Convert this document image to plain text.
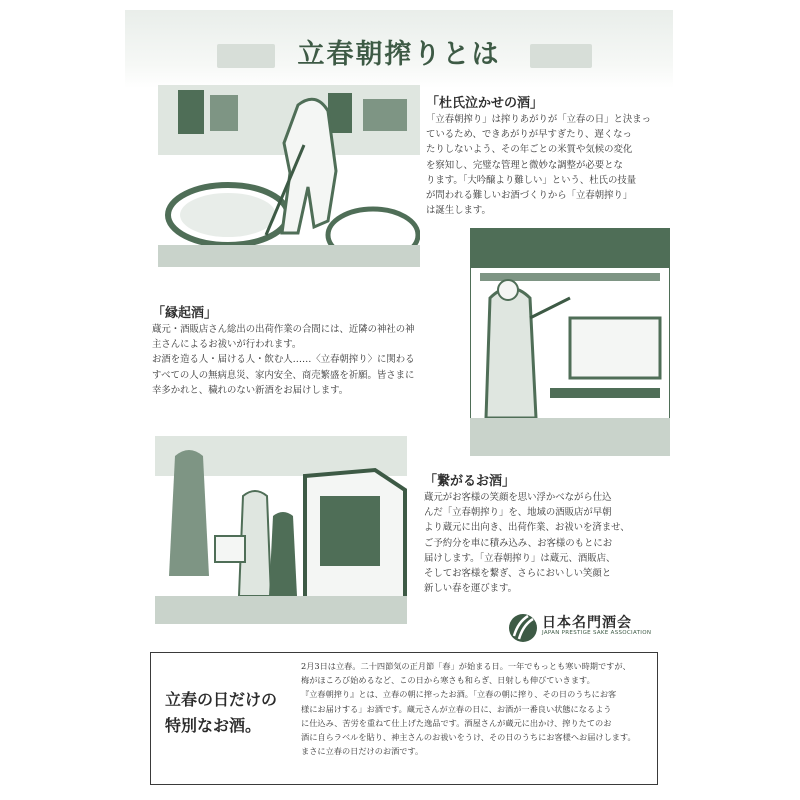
立春朝搾りとは
「杜氏泣かせの酒」
「立春朝搾り」は搾りあがりが「立春の日」と決まっ
ているため、できあがりが早すぎたり、遅くなっ
たりしないよう、その年ごとの米質や気候の変化
を察知し、完璧な管理と微妙な調整が必要とな
ります。「大吟醸より難しい」という、杜氏の技量
が問われる難しいお酒づくりから「立春朝搾り」
は誕生します。
「縁起酒」
蔵元・酒販店さん総出の出荷作業の合間には、近隣の神社の神
主さんによるお祓いが行われます。
お酒を造る人・届ける人・飲む人……〈立春朝搾り〉に関わる
すべての人の無病息災、家内安全、商売繁盛を祈願。皆さまに
幸多かれと、穢れのない新酒をお届けします。
「繋がるお酒」
蔵元がお客様の笑顔を思い浮かべながら仕込
んだ「立春朝搾り」を、地域の酒販店が早朝
より蔵元に出向き、出荷作業、お祓いを済ませ、
ご予約分を車に積み込み、お客様のもとにお
届けします。「立春朝搾り」は蔵元、酒販店、
そしてお客様を繋ぎ、さらにおいしい笑顔と
新しい春を運びます。
日本名門酒会
JAPAN PRESTIGE SAKE ASSOCIATION
立春の日だけの
特別なお酒。
2月3日は立春。二十四節気の正月節「春」が始まる日。一年でもっとも寒い時期ですが、
梅がほころび始めるなど、この日から寒さも和らぎ、日射しも伸びていきます。
『立春朝搾り』とは、立春の朝に搾ったお酒。「立春の朝に搾り、その日のうちにお客
様にお届けする」お酒です。蔵元さんが立春の日に、お酒が一番良い状態になるよう
に仕込み、苦労を重ねて仕上げた逸品です。酒屋さんが蔵元に出かけ、搾りたてのお
酒に自らラベルを貼り、神主さんのお祓いをうけ、その日のうちにお客様へお届けします。
まさに立春の日だけのお酒です。
